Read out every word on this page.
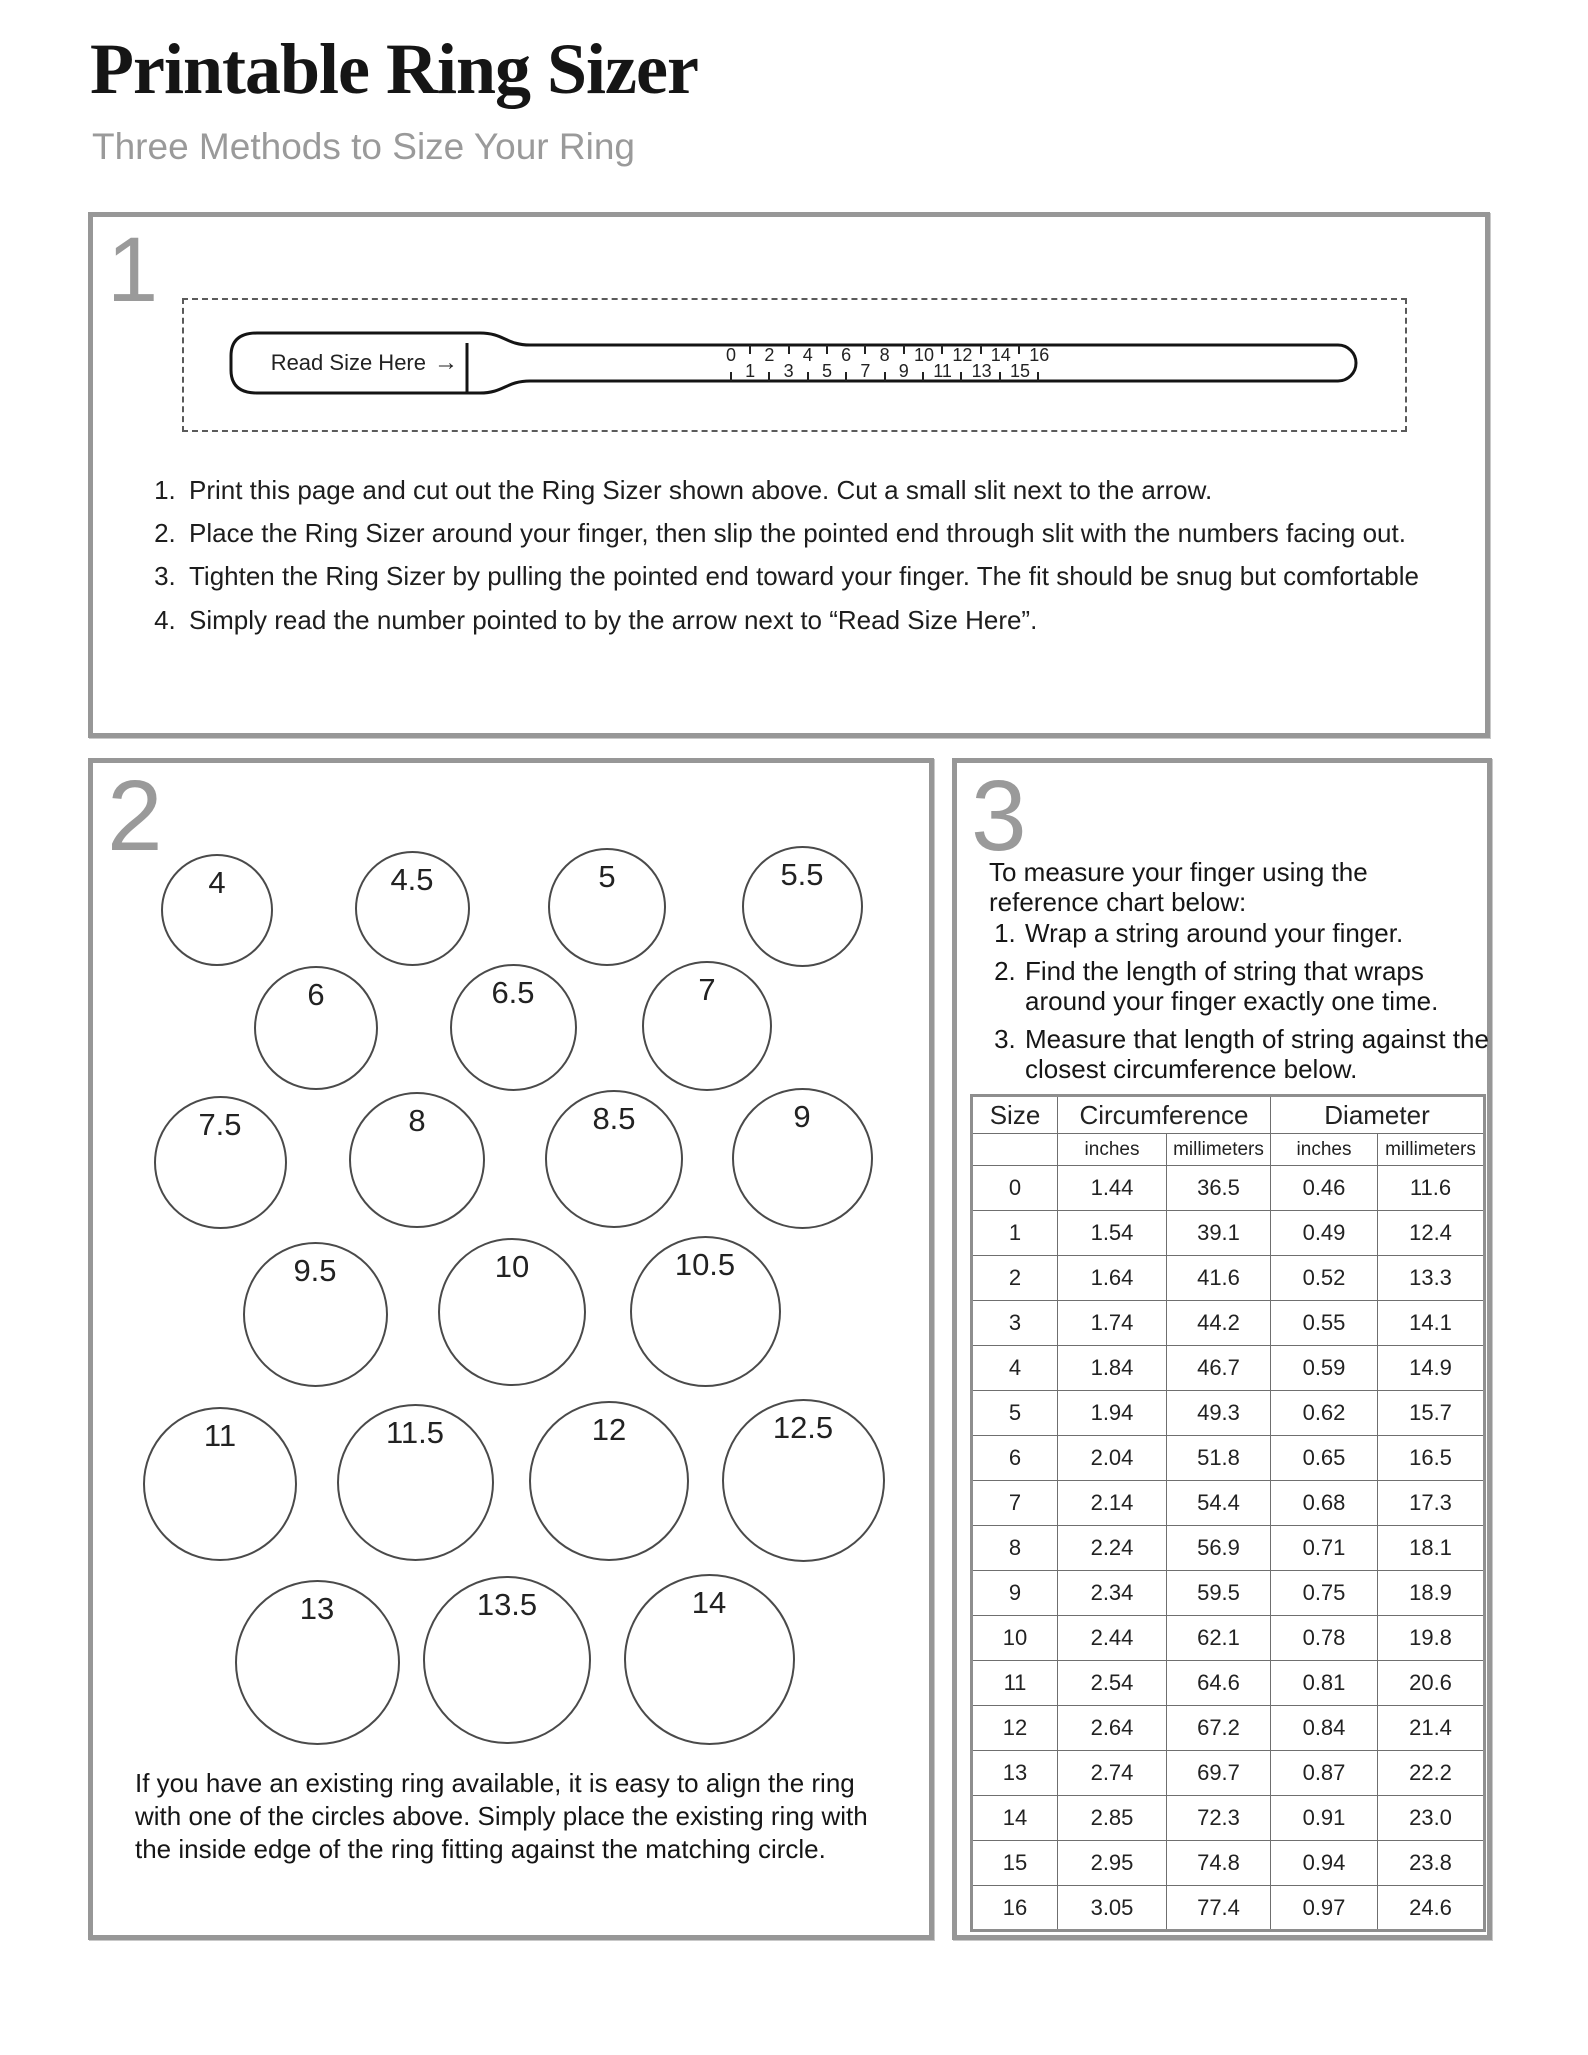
Printable Ring Sizer
Three Methods to Size Your Ring
1
Read Size Here →	0
1
2
3
4
5
6
7
8
9
10
11
12
13
14
15
16
1. Print this page and cut out the Ring Sizer shown above. Cut a small slit next to the arrow.
2. Place the Ring Sizer around your finger, then slip the pointed end through slit with the numbers facing out.
3. Tighten the Ring Sizer by pulling the pointed end toward your finger. The fit should be snug but comfortable
4. Simply read the number pointed to by the arrow next to “Read Size Here”.
2
4	4.5	5	5.5
6	6.5	7
7.5	8	8.5	9
9.5	10	10.5
11	11.5	12	12.5
13	13.5	14

If you have an existing ring available, it is easy to align the ring with one of the circles above. Simply place the existing ring with the inside edge of the ring fitting against the matching circle.

3

To measure your finger using the reference chart below:

1. Wrap a string around your finger.
2. Find the length of string that wraps around your finger exactly one time.
3. Measure that length of string against the closest circumference below.
Size	Circumference		Diameter	
	inches	millimeters	inches	millimeters
0	1.44	36.5	0.46	11.6
1	1.54	39.1	0.49	12.4
2	1.64	41.6	0.52	13.3
3	1.74	44.2	0.55	14.1
4	1.84	46.7	0.59	14.9
5	1.94	49.3	0.62	15.7
6	2.04	51.8	0.65	16.5
7	2.14	54.4	0.68	17.3
8	2.24	56.9	0.71	18.1
9	2.34	59.5	0.75	18.9
10	2.44	62.1	0.78	19.8
11	2.54	64.6	0.81	20.6
12	2.64	67.2	0.84	21.4
13	2.74	69.7	0.87	22.2
14	2.85	72.3	0.91	23.0
15	2.95	74.8	0.94	23.8
16	3.05	77.4	0.97	24.6
